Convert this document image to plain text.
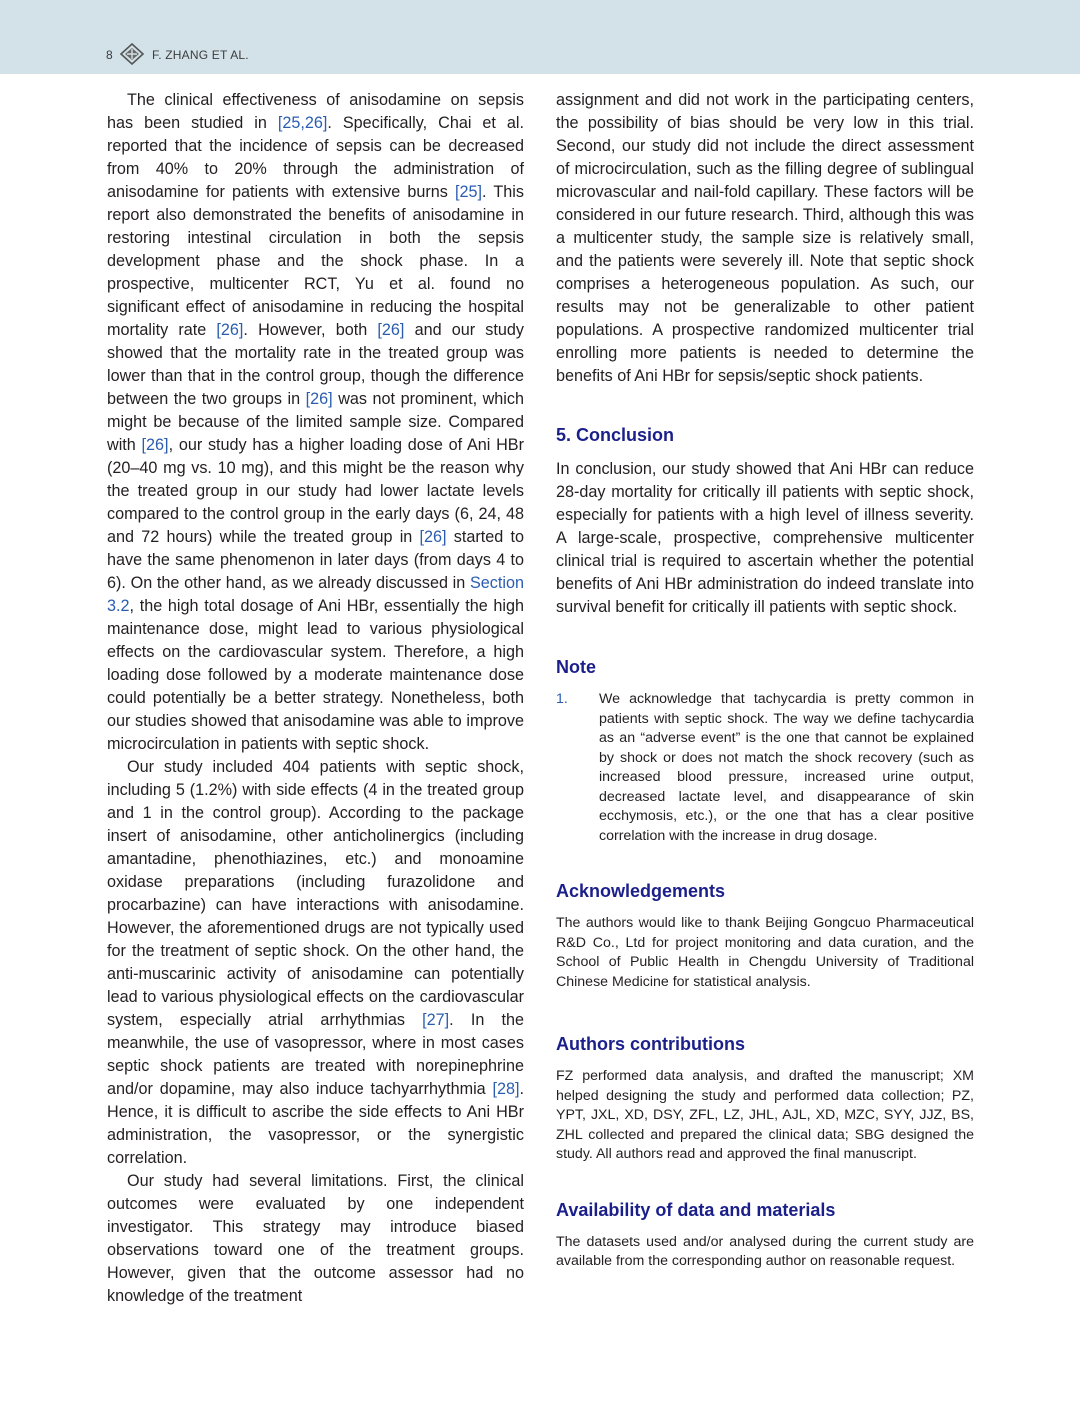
8	F. ZHANG ET AL.

The clinical effectiveness of anisodamine on sepsis has been studied in [25,26]. Specifically, Chai et al. reported that the incidence of sepsis can be decreased from 40% to 20% through the administration of anisodamine for patients with extensive burns [25]. This report also demonstrated the benefits of anisodamine in restoring intestinal circulation in both the sepsis development phase and the shock phase. In a prospective, multicenter RCT, Yu et al. found no significant effect of anisodamine in reducing the hospital mortality rate [26]. However, both [26] and our study showed that the mortality rate in the treated group was lower than that in the control group, though the difference between the two groups in [26] was not prominent, which might be because of the limited sample size. Compared with [26], our study has a higher loading dose of Ani HBr (20–40 mg vs. 10 mg), and this might be the reason why the treated group in our study had lower lactate levels compared to the control group in the early days (6, 24, 48 and 72 hours) while the treated group in [26] started to have the same phenomenon in later days (from days 4 to 6). On the other hand, as we already discussed in Section 3.2, the high total dosage of Ani HBr, essentially the high maintenance dose, might lead to various physiological effects on the cardiovascular system. Therefore, a high loading dose followed by a moderate maintenance dose could potentially be a better strategy. Nonetheless, both our studies showed that anisodamine was able to improve microcirculation in patients with septic shock.

Our study included 404 patients with septic shock, including 5 (1.2%) with side effects (4 in the treated group and 1 in the control group). According to the package insert of anisodamine, other anticholinergics (including amantadine, phenothiazines, etc.) and monoamine oxidase preparations (including furazolidone and procarbazine) can have interactions with anisodamine. However, the aforementioned drugs are not typically used for the treatment of septic shock. On the other hand, the anti-muscarinic activity of anisodamine can potentially lead to various physiological effects on the cardiovascular system, especially atrial arrhythmias [27]. In the meanwhile, the use of vasopressor, where in most cases septic shock patients are treated with norepinephrine and/or dopamine, may also induce tachyarrhythmia [28]. Hence, it is difficult to ascribe the side effects to Ani HBr administration, the vasopressor, or the synergistic correlation.

Our study had several limitations. First, the clinical outcomes were evaluated by one independent investigator. This strategy may introduce biased observations toward one of the treatment groups. However, given that the outcome assessor had no knowledge of the treatment

assignment and did not work in the participating centers, the possibility of bias should be very low in this trial. Second, our study did not include the direct assessment of microcirculation, such as the filling degree of sublingual microvascular and nail-fold capillary. These factors will be considered in our future research. Third, although this was a multicenter study, the sample size is relatively small, and the patients were severely ill. Note that septic shock comprises a heterogeneous population. As such, our results may not be generalizable to other patient populations. A prospective randomized multicenter trial enrolling more patients is needed to determine the benefits of Ani HBr for sepsis/septic shock patients.

5. Conclusion

In conclusion, our study showed that Ani HBr can reduce 28-day mortality for critically ill patients with septic shock, especially for patients with a high level of illness severity. A large-scale, prospective, comprehensive multicenter clinical trial is required to ascertain whether the potential benefits of Ani HBr administration do indeed translate into survival benefit for critically ill patients with septic shock.

Note
1.	We acknowledge that tachycardia is pretty common in patients with septic shock. The way we define tachycardia as an “adverse event” is the one that cannot be explained by shock or does not match the shock recovery (such as increased blood pressure, increased urine output, decreased lactate level, and disappearance of skin ecchymosis, etc.), or the one that has a clear positive correlation with the increase in drug dosage.

Acknowledgements

The authors would like to thank Beijing Gongcuo Pharmaceutical R&D Co., Ltd for project monitoring and data curation, and the School of Public Health in Chengdu University of Traditional Chinese Medicine for statistical analysis.

Authors contributions

FZ performed data analysis, and drafted the manuscript; XM helped designing the study and performed data collection; PZ, YPT, JXL, XD, DSY, ZFL, LZ, JHL, AJL, XD, MZC, SYY, JJZ, BS, ZHL collected and prepared the clinical data; SBG designed the study. All authors read and approved the final manuscript.

Availability of data and materials

The datasets used and/or analysed during the current study are available from the corresponding author on reasonable request.
